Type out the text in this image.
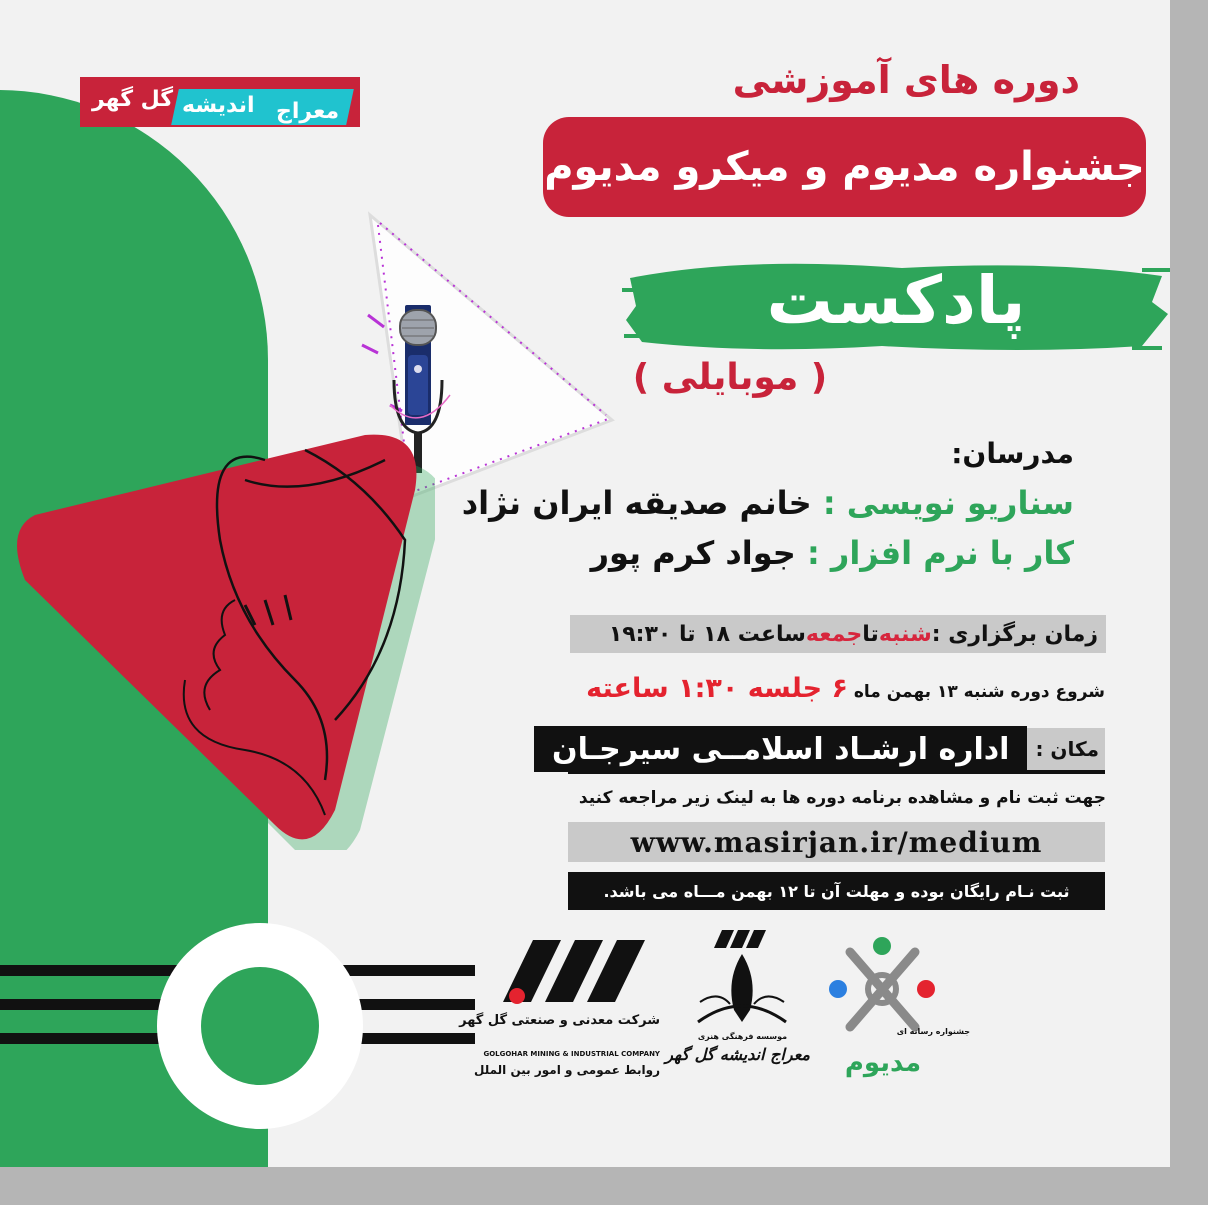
معراج
اندیشه
گل گهر	دوره های آموزشی
جشنواره مدیوم و میکرو مدیوم
پادکست
( موبایلی )
مدرسان:
سناریو نویسی : خانم صدیقه ایران نژاد
کار با نرم افزار : جواد کرم پور
زمان برگزاری :
شنبه
تا
جمعه
ساعت ۱۸ تا ۱۹:۳۰
شروع دوره شنبه ۱۳ بهمن ماه ۶ جلسه ۱:۳۰ ساعته
مکان :
اداره ارشـاد اسلامــی سیرجـان
جهت ثبت نام و مشاهده برنامه دوره ها به لینک زیر مراجعه کنید
www.masirjan.ir/medium
ثبت نـام رایگان بوده و مهلت آن تا ۱۲ بهمن مـــاه می باشد.
شرکت معدنی و صنعتی گل گهر
GOLGOHAR MINING & INDUSTRIAL COMPANY
روابط عمومی و امور بین الملل
موسسه فرهنگی هنری
معراج اندیشه گل گهر
جشنواره رسانه ای
مدیوم
